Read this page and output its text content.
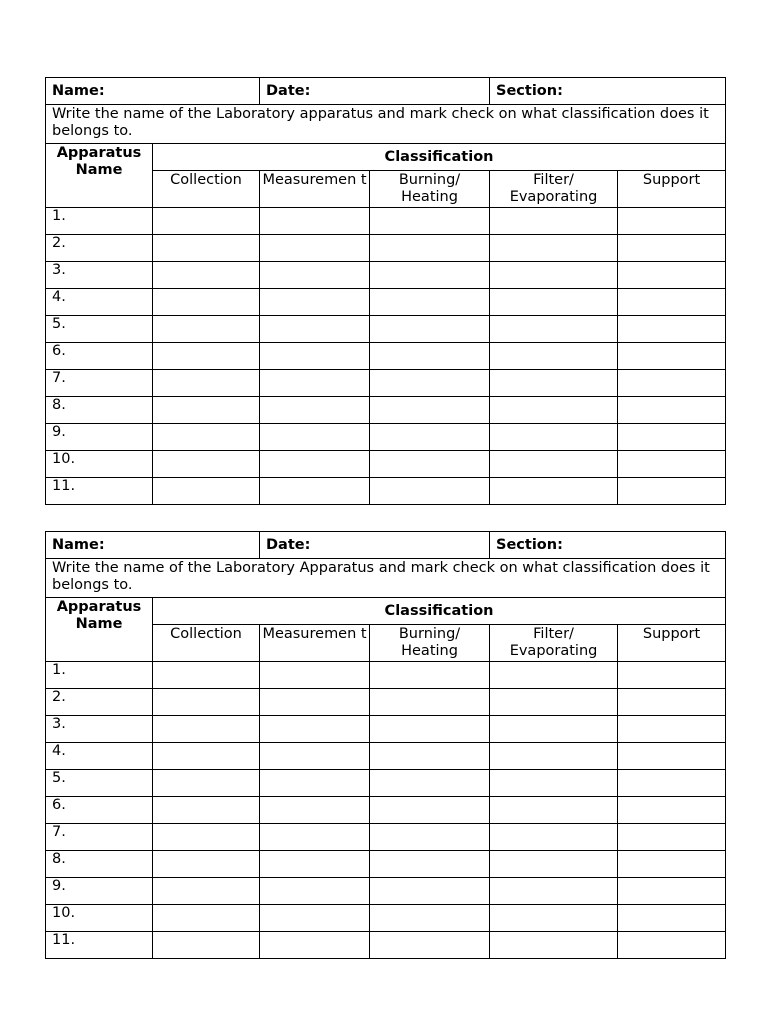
Name:		Date:		Section:	
Write the name of the Laboratory apparatus and mark check on what classification does it belongs to.					
Apparatus Name	Classification				
	Collection	Measuremen t	Burning/ Heating	Filter/ Evaporating	Support
1.					
2.					
3.					
4.					
5.					
6.					
7.					
8.					
9.					
10.					
11.					
Name:		Date:		Section:	
Write the name of the Laboratory Apparatus and mark check on what classification does it belongs to.					
Apparatus Name	Classification				
	Collection	Measuremen t	Burning/ Heating	Filter/ Evaporating	Support
1.					
2.					
3.					
4.					
5.					
6.					
7.					
8.					
9.					
10.					
11.					
